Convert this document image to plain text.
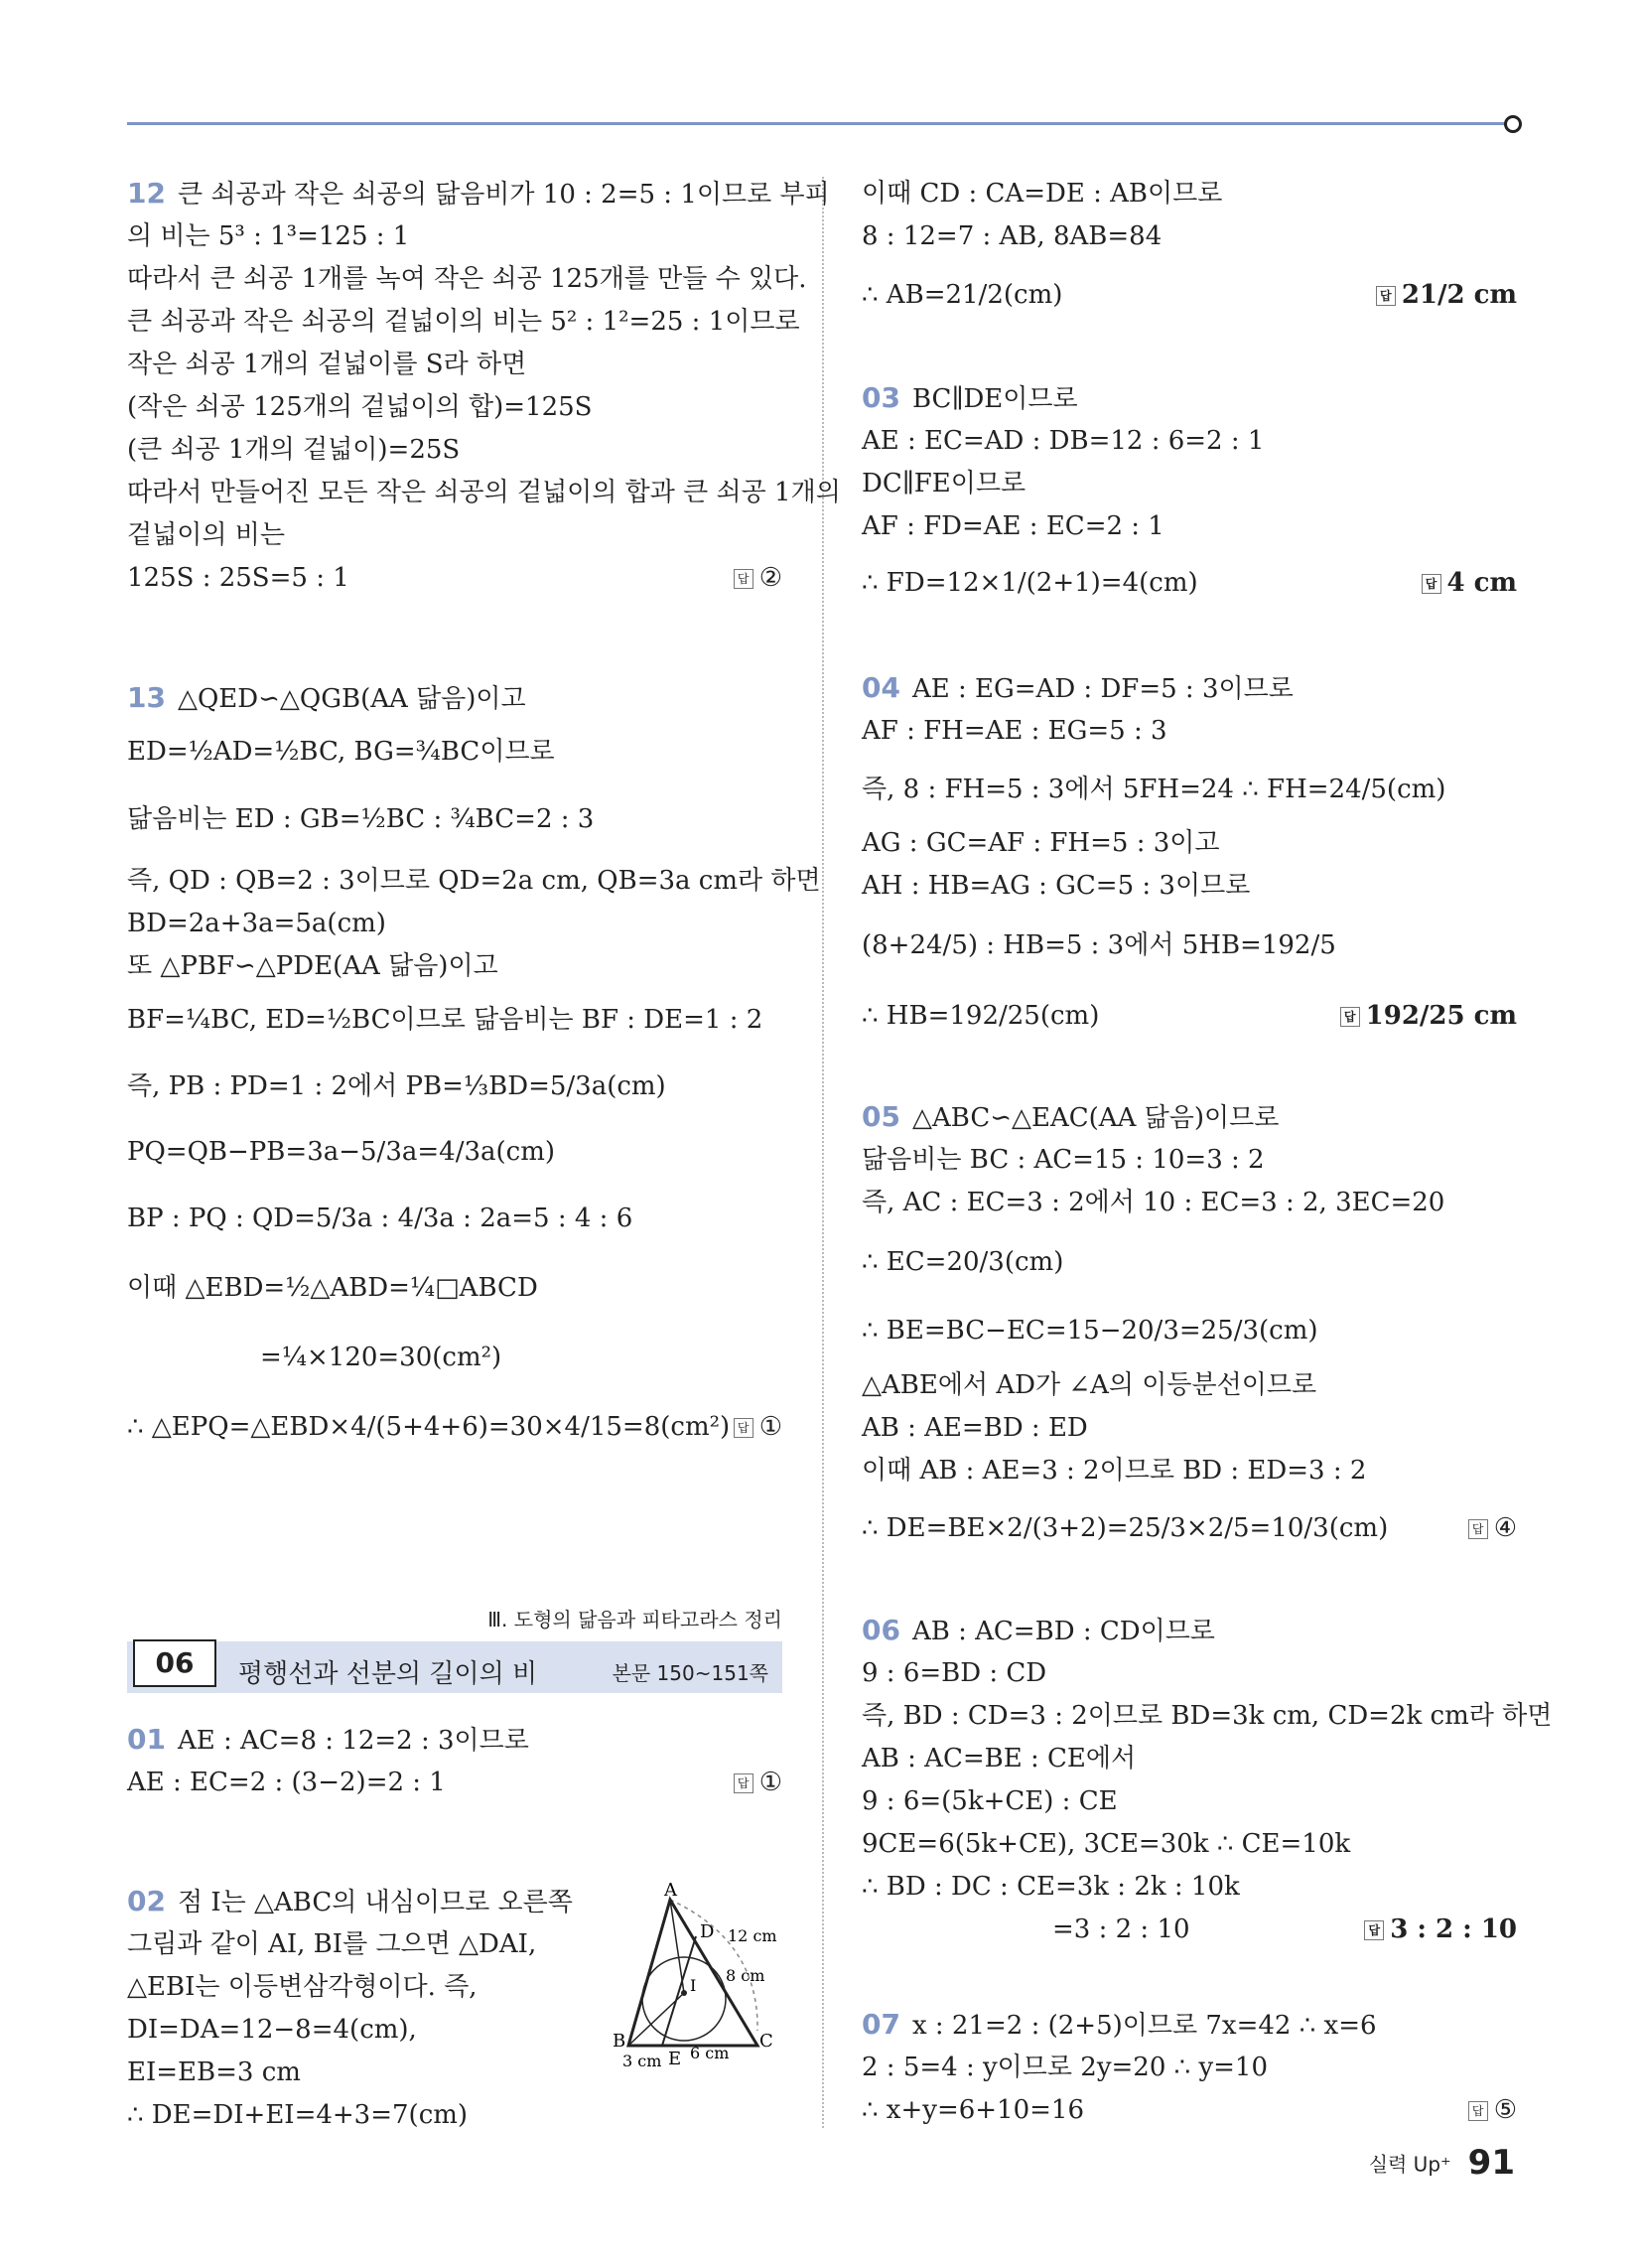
12 큰 쇠공과 작은 쇠공의 닮음비가 10 : 2=5 : 1이므로 부피
의 비는 5³ : 1³=125 : 1
따라서 큰 쇠공 1개를 녹여 작은 쇠공 125개를 만들 수 있다.
큰 쇠공과 작은 쇠공의 겉넓이의 비는 5² : 1²=25 : 1이므로
작은 쇠공 1개의 겉넓이를 S라 하면
(작은 쇠공 125개의 겉넓이의 합)=125S
(큰 쇠공 1개의 겉넓이)=25S
따라서 만들어진 모든 작은 쇠공의 겉넓이의 합과 큰 쇠공 1개의
겉넓이의 비는
125S : 25S=5 : 1	답 ②
13 △QED∽△QGB(AA 닮음)이고
ED=½AD=½BC, BG=¾BC이므로
닮음비는 ED : GB=½BC : ¾BC=2 : 3
즉, QD : QB=2 : 3이므로 QD=2a cm, QB=3a cm라 하면
BD=2a+3a=5a(cm)
또 △PBF∽△PDE(AA 닮음)이고
BF=¼BC, ED=½BC이므로 닮음비는 BF : DE=1 : 2
즉, PB : PD=1 : 2에서 PB=⅓BD=5/3a(cm)
PQ=QB−PB=3a−5/3a=4/3a(cm)
BP : PQ : QD=5/3a : 4/3a : 2a=5 : 4 : 6
이때 △EBD=½△ABD=¼□ABCD
=¼×120=30(cm²)
∴ △EPQ=△EBD×4/(5+4+6)=30×4/15=8(cm²) 답 ①
Ⅲ. 도형의 닮음과 피타고라스 정리
06	평행선과 선분의 길이의 비	본문 150~151쪽
01 AE : AC=8 : 12=2 : 3이므로
AE : EC=2 : (3−2)=2 : 1	답 ①
02 점 I는 △ABC의 내심이므로 오른쪽
그림과 같이 AI, BI를 그으면 △DAI,
△EBI는 이등변삼각형이다. 즉,
DI=DA=12−8=4(cm),
EI=EB=3 cm
∴ DE=DI+EI=4+3=7(cm)
A
B	C
D
E
I
12 cm
8 cm
3 cm 6 cm
이때 CD : CA=DE : AB이므로
8 : 12=7 : AB, 8AB=84
∴ AB=21/2(cm)	답 21/2 cm
03 BC∥DE이므로
AE : EC=AD : DB=12 : 6=2 : 1
DC∥FE이므로
AF : FD=AE : EC=2 : 1
∴ FD=12×1/(2+1)=4(cm)	답 4 cm
04 AE : EG=AD : DF=5 : 3이므로
AF : FH=AE : EG=5 : 3
즉, 8 : FH=5 : 3에서 5FH=24 ∴ FH=24/5(cm)
AG : GC=AF : FH=5 : 3이고
AH : HB=AG : GC=5 : 3이므로
(8+24/5) : HB=5 : 3에서 5HB=192/5
∴ HB=192/25(cm)	답 192/25 cm
05 △ABC∽△EAC(AA 닮음)이므로
닮음비는 BC : AC=15 : 10=3 : 2
즉, AC : EC=3 : 2에서 10 : EC=3 : 2, 3EC=20
∴ EC=20/3(cm)
∴ BE=BC−EC=15−20/3=25/3(cm)
△ABE에서 AD가 ∠A의 이등분선이므로
AB : AE=BD : ED
이때 AB : AE=3 : 2이므로 BD : ED=3 : 2
∴ DE=BE×2/(3+2)=25/3×2/5=10/3(cm)	답 ④
06 AB : AC=BD : CD이므로
9 : 6=BD : CD
즉, BD : CD=3 : 2이므로 BD=3k cm, CD=2k cm라 하면
AB : AC=BE : CE에서
9 : 6=(5k+CE) : CE
9CE=6(5k+CE), 3CE=30k ∴ CE=10k
∴ BD : DC : CE=3k : 2k : 10k
=3 : 2 : 10	답 3 : 2 : 10
07 x : 21=2 : (2+5)이므로 7x=42 ∴ x=6
2 : 5=4 : y이므로 2y=20 ∴ y=10
∴ x+y=6+10=16	답 ⑤
실력 Up⁺ 91
